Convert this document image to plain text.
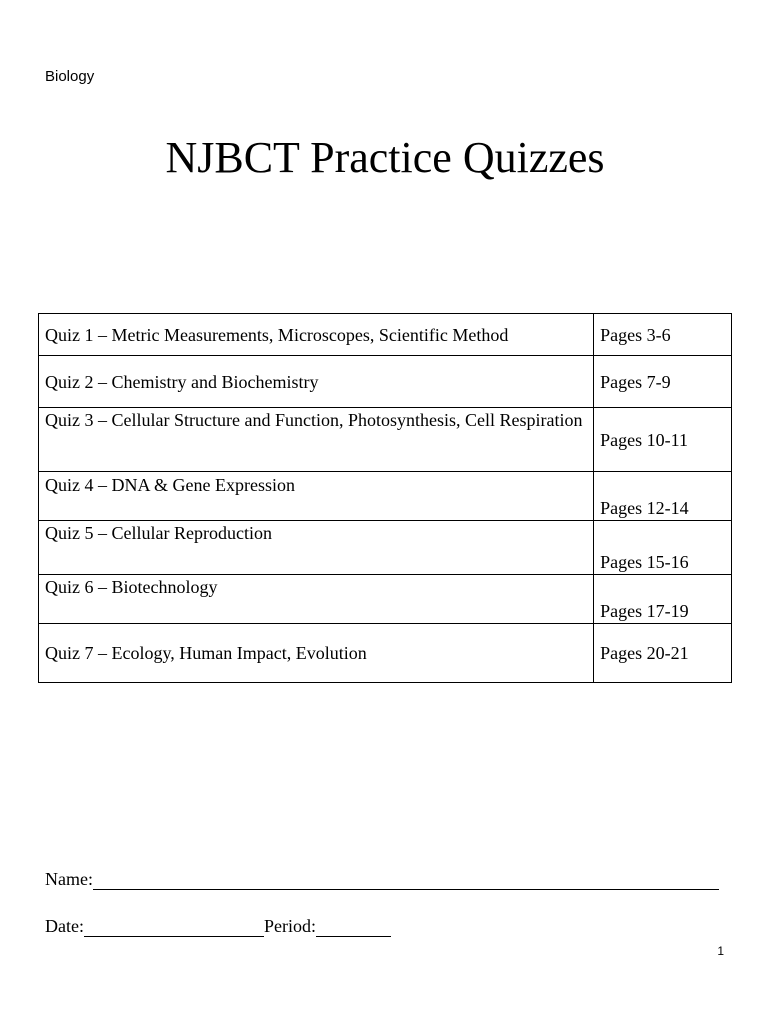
Biology
NJBCT Practice Quizzes
Quiz 1 – Metric Measurements, Microscopes, Scientific Method	Pages 3-6
Quiz 2 – Chemistry and Biochemistry	Pages 7-9
Quiz 3 – Cellular Structure and Function, Photosynthesis, Cell Respiration	Pages 10-11
Quiz 4 – DNA & Gene Expression	Pages 12-14
Quiz 5 – Cellular Reproduction	Pages 15-16
Quiz 6 – Biotechnology	Pages 17-19
Quiz 7 – Ecology, Human Impact, Evolution	Pages 20-21
Name:
Date:	Period:
1
